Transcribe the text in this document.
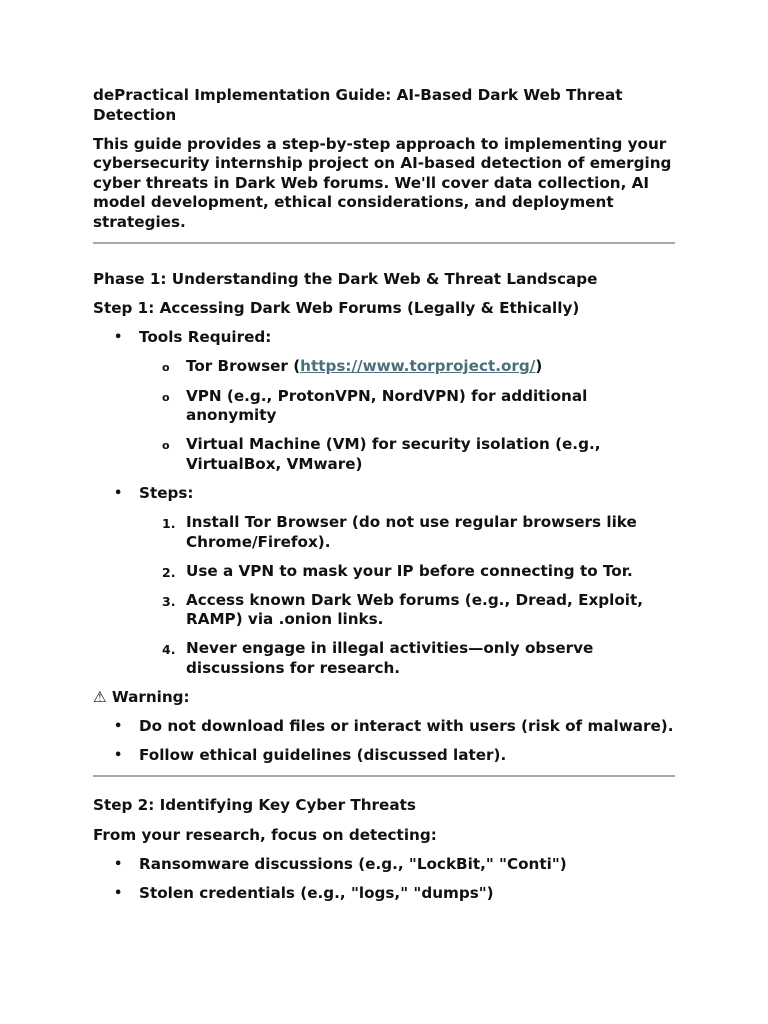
dePractical Implementation Guide: AI-Based Dark Web Threat Detection

This guide provides a step-by-step approach to implementing your cybersecurity internship project on AI-based detection of emerging cyber threats in Dark Web forums. We'll cover data collection, AI model development, ethical considerations, and deployment strategies.

Phase 1: Understanding the Dark Web & Threat Landscape

Step 1: Accessing Dark Web Forums (Legally & Ethically)

• Tools Required:
o Tor Browser (https://www.torproject.org/)
o VPN (e.g., ProtonVPN, NordVPN) for additional anonymity
o Virtual Machine (VM) for security isolation (e.g., VirtualBox, VMware)
• Steps:
1. Install Tor Browser (do not use regular browsers like Chrome/Firefox).
2. Use a VPN to mask your IP before connecting to Tor.
3. Access known Dark Web forums (e.g., Dread, Exploit, RAMP) via .onion links.
4. Never engage in illegal activities—only observe discussions for research.

⚠ Warning:

• Do not download files or interact with users (risk of malware).
• Follow ethical guidelines (discussed later).

Step 2: Identifying Key Cyber Threats

From your research, focus on detecting:

• Ransomware discussions (e.g., "LockBit," "Conti")
• Stolen credentials (e.g., "logs," "dumps")
